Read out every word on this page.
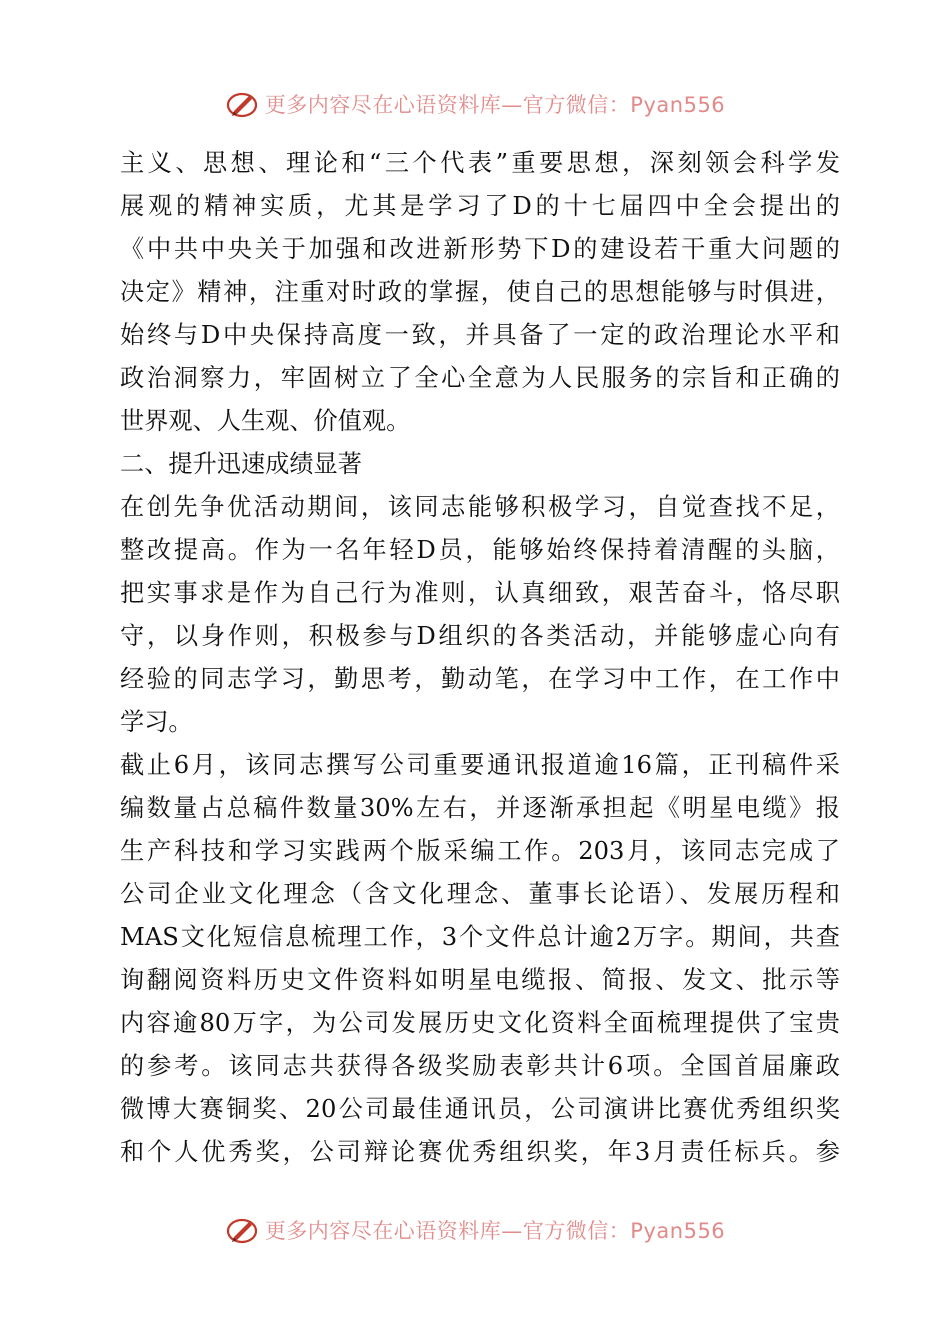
更多内容尽在心语资料库—官方微信：Pyan556
主义、思想、理论和“三个代表”重要思想，深刻领会科学发
展观的精神实质，尤其是学习了D的十七届四中全会提出的
《中共中央关于加强和改进新形势下D的建设若干重大问题的
决定》精神，注重对时政的掌握，使自己的思想能够与时俱进，
始终与D中央保持高度一致，并具备了一定的政治理论水平和
政治洞察力，牢固树立了全心全意为人民服务的宗旨和正确的
世界观、人生观、价值观。
二、提升迅速成绩显著
在创先争优活动期间，该同志能够积极学习，自觉查找不足，
整改提高。作为一名年轻D员，能够始终保持着清醒的头脑，
把实事求是作为自己行为准则，认真细致，艰苦奋斗，恪尽职
守，以身作则，积极参与D组织的各类活动，并能够虚心向有
经验的同志学习，勤思考，勤动笔，在学习中工作，在工作中
学习。
截止6月，该同志撰写公司重要通讯报道逾16篇，正刊稿件采
编数量占总稿件数量30%左右，并逐渐承担起《明星电缆》报
生产科技和学习实践两个版采编工作。203月，该同志完成了
公司企业文化理念（含文化理念、董事长论语）、发展历程和
MAS文化短信息梳理工作，3个文件总计逾2万字。期间，共查
询翻阅资料历史文件资料如明星电缆报、简报、发文、批示等
内容逾80万字，为公司发展历史文化资料全面梳理提供了宝贵
的参考。该同志共获得各级奖励表彰共计6项。全国首届廉政
微博大赛铜奖、20公司最佳通讯员，公司演讲比赛优秀组织奖
和个人优秀奖，公司辩论赛优秀组织奖，年3月责任标兵。参
更多内容尽在心语资料库—官方微信：Pyan556
